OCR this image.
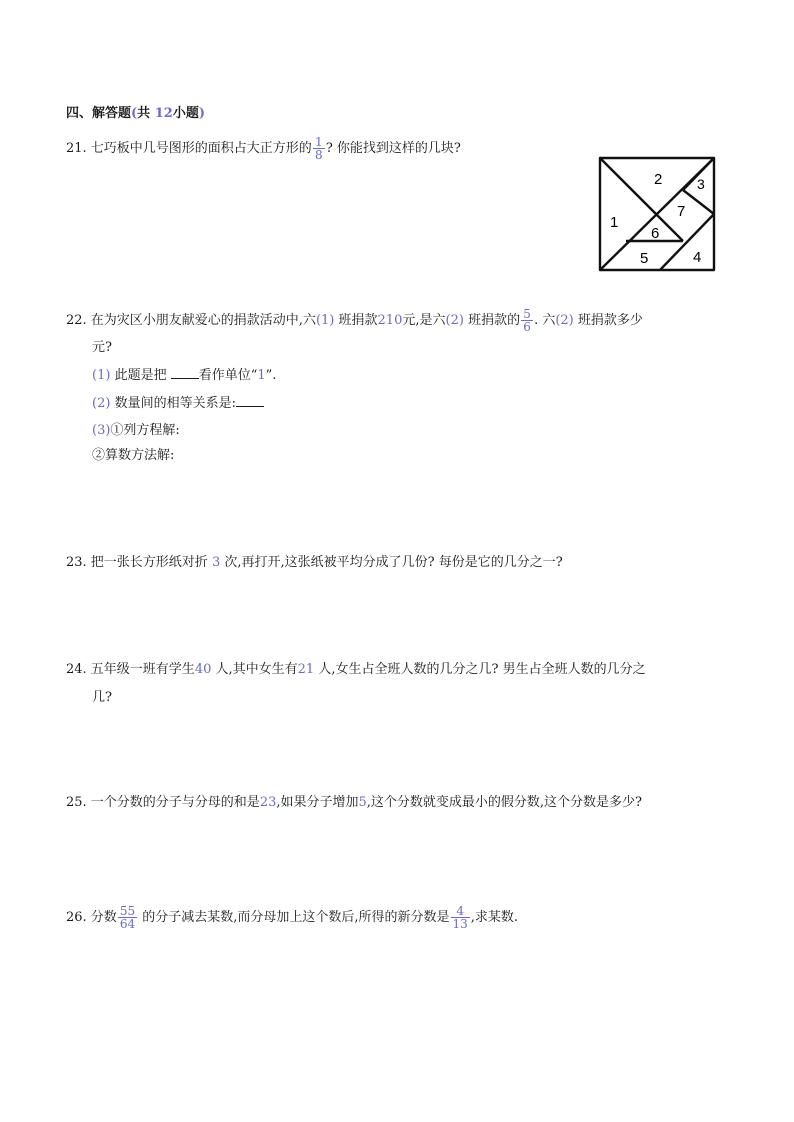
四、解答题(共 12小题)
21. 七巧板中几号图形的面积占大正方形的 $\frac{1}{8}$ ? 你能找到这样的几块?
2 3
1
7
6
5	4
22. 在为灾区小朋友献爱心的捐款活动中,六(1) 班捐款210元,是六(2) 班捐款的 $\frac{5}{6}$ . 六(2) 班捐款多少
元?
(1) 此题是把 看作单位“1”.
(2) 数量间的相等关系是:
(3)①列方程解:
②算数方法解:
23. 把一张长方形纸对折 3 次,再打开,这张纸被平均分成了几份? 每份是它的几分之一?
24. 五年级一班有学生40 人,其中女生有21 人,女生占全班人数的几分之几? 男生占全班人数的几分之
几?
25. 一个分数的分子与分母的和是23,如果分子增加5,这个分数就变成最小的假分数,这个分数是多少?
26. 分数 $\frac{55}{64}$ 的分子减去某数,而分母加上这个数后,所得的新分数是 $\frac{4}{13}$ ,求某数.
